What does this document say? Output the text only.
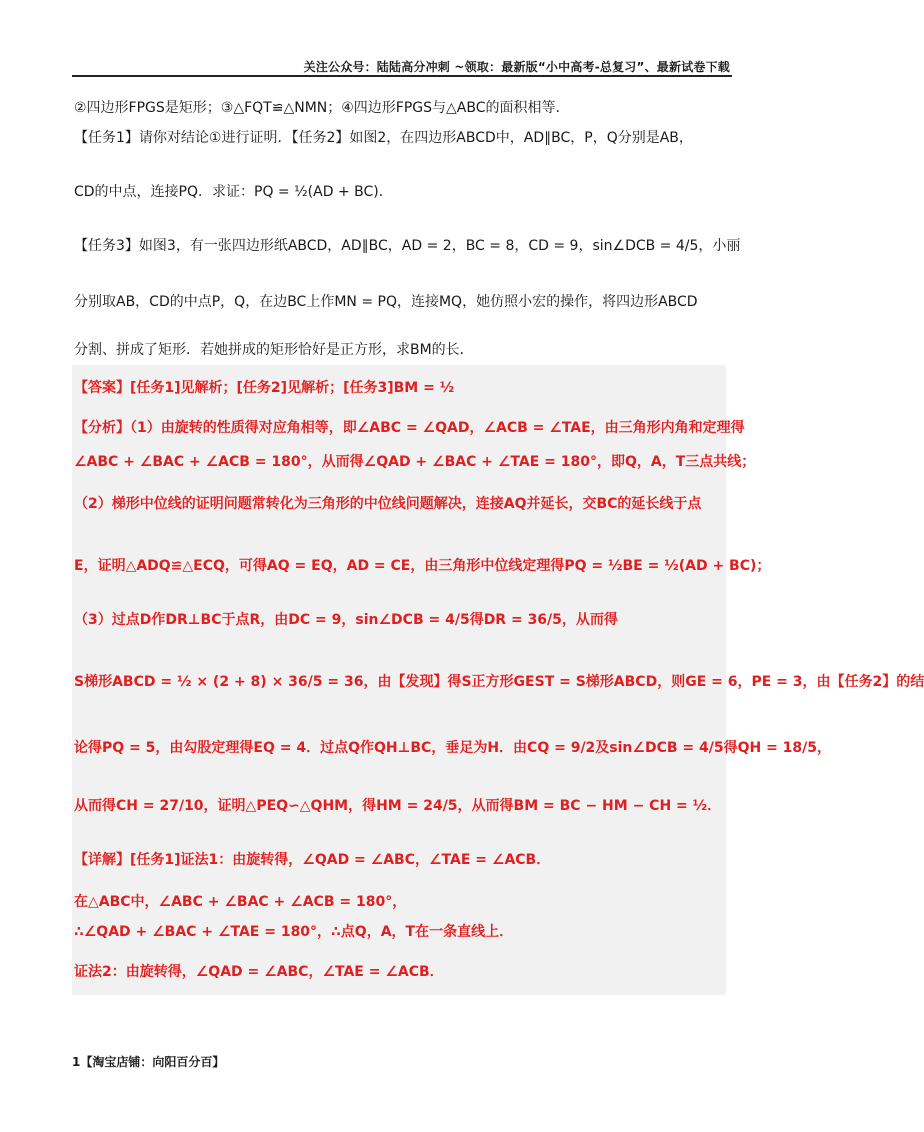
关注公众号：陆陆高分冲刺 ~领取：最新版“小中高考-总复习”、最新试卷下载
②四边形FPGS是矩形；③△FQT≌△NMN；④四边形FPGS与△ABC的面积相等.
【任务1】请你对结论①进行证明．【任务2】如图2，在四边形ABCD中，AD∥BC，P，Q分别是AB，
CD的中点，连接PQ．求证：PQ = ½(AD + BC)．
【任务3】如图3，有一张四边形纸ABCD，AD∥BC，AD = 2，BC = 8，CD = 9，sin∠DCB = 4/5，小丽
分别取AB，CD的中点P，Q，在边BC上作MN = PQ，连接MQ，她仿照小宏的操作，将四边形ABCD
分割、拼成了矩形．若她拼成的矩形恰好是正方形，求BM的长．
【答案】[任务1]见解析；[任务2]见解析；[任务3]BM = ½
【分析】（1）由旋转的性质得对应角相等，即∠ABC = ∠QAD，∠ACB = ∠TAE，由三角形内角和定理得
∠ABC + ∠BAC + ∠ACB = 180°，从而得∠QAD + ∠BAC + ∠TAE = 180°，即Q，A，T三点共线；
（2）梯形中位线的证明问题常转化为三角形的中位线问题解决，连接AQ并延长，交BC的延长线于点
E，证明△ADQ≌△ECQ，可得AQ = EQ，AD = CE，由三角形中位线定理得PQ = ½BE = ½(AD + BC)；
（3）过点D作DR⊥BC于点R，由DC = 9，sin∠DCB = 4/5得DR = 36/5，从而得
S梯形ABCD = ½ × (2 + 8) × 36/5 = 36，由【发现】得S正方形GEST = S梯形ABCD，则GE = 6，PE = 3，由【任务2】的结
论得PQ = 5，由勾股定理得EQ = 4．过点Q作QH⊥BC，垂足为H．由CQ = 9/2及sin∠DCB = 4/5得QH = 18/5，
从而得CH = 27/10，证明△PEQ∽△QHM，得HM = 24/5，从而得BM = BC − HM − CH = ½．
【详解】[任务1]证法1：由旋转得，∠QAD = ∠ABC，∠TAE = ∠ACB．
在△ABC中，∠ABC + ∠BAC + ∠ACB = 180°，
∴∠QAD + ∠BAC + ∠TAE = 180°，∴点Q，A，T在一条直线上．
证法2：由旋转得，∠QAD = ∠ABC，∠TAE = ∠ACB．
1【淘宝店铺：向阳百分百】
